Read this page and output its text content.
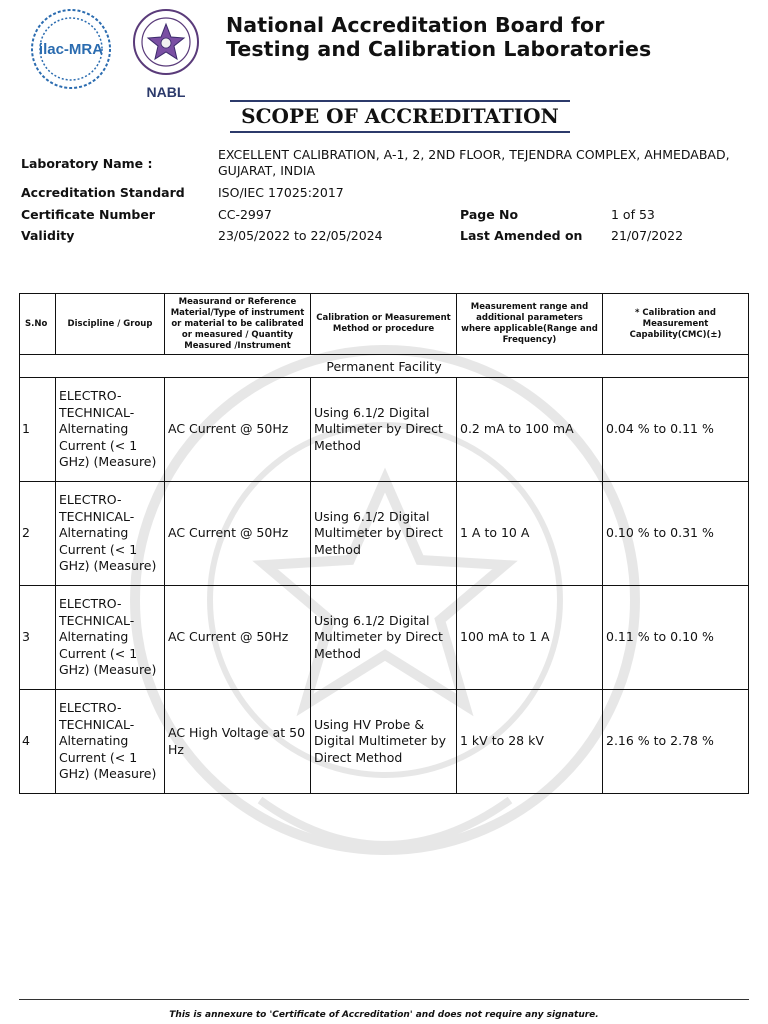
ilac-MRA
NABL
National Accreditation Board for
Testing and Calibration Laboratories
SCOPE OF ACCREDITATION
Laboratory Name :
EXCELLENT CALIBRATION, A-1, 2, 2ND FLOOR, TEJENDRA COMPLEX, AHMEDABAD,
GUJARAT, INDIA
Accreditation Standard	ISO/IEC 17025:2017
Certificate Number	CC-2997	Page No	1 of 53
Validity	23/05/2022 to 22/05/2024	Last Amended on 21/07/2022
S.No	Discipline / Group	Measurand or Reference Material/Type of instrument or material to be calibrated or measured / Quantity Measured /Instrument	Calibration or Measurement Method or procedure	Measurement range and additional parameters where applicable(Range and Frequency)	* Calibration and Measurement Capability(CMC)(±)
Permanent Facility					
1	ELECTRO-TECHNICAL-Alternating Current (< 1 GHz) (Measure)	AC Current @ 50Hz	Using 6.1/2 Digital Multimeter by Direct Method	0.2 mA to 100 mA	0.04 % to 0.11 %
2	ELECTRO-TECHNICAL-Alternating Current (< 1 GHz) (Measure)	AC Current @ 50Hz	Using 6.1/2 Digital Multimeter by Direct Method	1 A to 10 A	0.10 % to 0.31 %
3	ELECTRO-TECHNICAL-Alternating Current (< 1 GHz) (Measure)	AC Current @ 50Hz	Using 6.1/2 Digital Multimeter by Direct Method	100 mA to 1 A	0.11 % to 0.10 %
4	ELECTRO-TECHNICAL-Alternating Current (< 1 GHz) (Measure)	AC High Voltage at 50 Hz	Using HV Probe & Digital Multimeter by Direct Method	1 kV to 28 kV	2.16 % to 2.78 %
This is annexure to 'Certificate of Accreditation' and does not require any signature.
